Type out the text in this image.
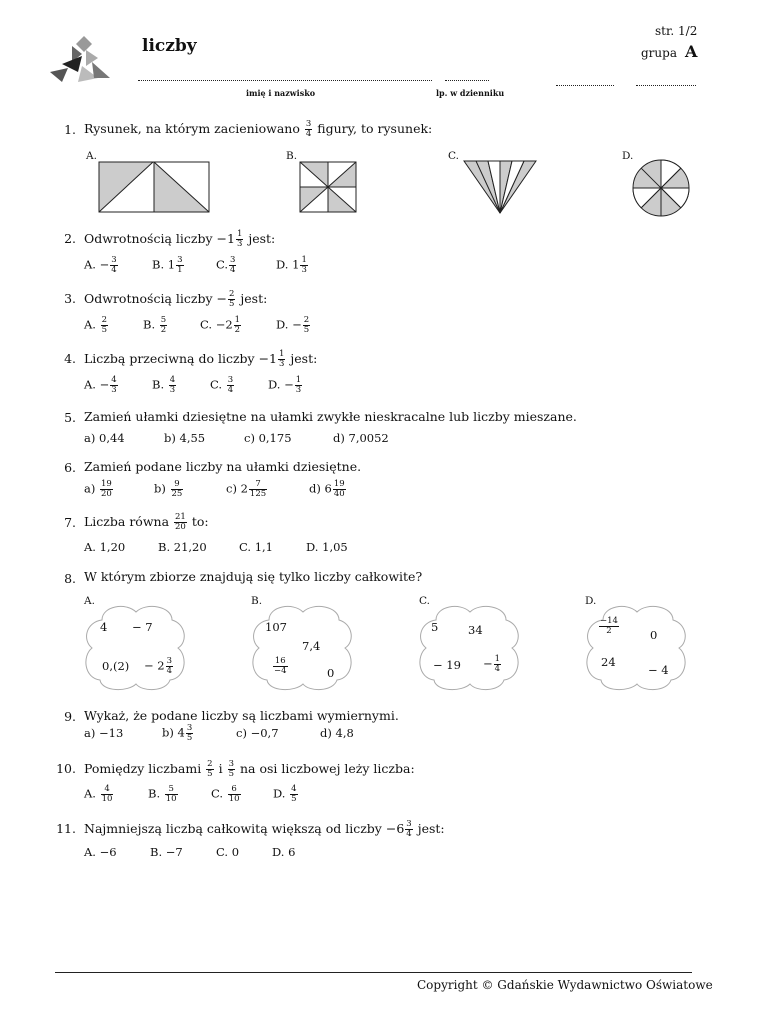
liczby
str. 1/2
grupa A
imię i nazwisko	lp. w dzienniku
1. Rysunek, na którym zacieniowano $\frac{3}{4}$ figury, to rysunek:
A.	B.	C.	D.
2. Odwrotnością liczby $-1 \frac{1}{3}$ jest:
A. − $\frac{3}{4}$	B. $1 \frac{3}{1}$	C. $\frac{3}{4}$	D. $1 \frac{1}{3}$
3. Odwrotnością liczby − $\frac{2}{5}$ jest:
A. $\frac{2}{5}$	B. $\frac{5}{2}$	C. $-2 \frac{1}{2}$	D. − $\frac{2}{5}$
4. Liczbą przeciwną do liczby $-1 \frac{1}{3}$ jest:
A. − $\frac{4}{3}$	B. $\frac{4}{3}$	C. $\frac{3}{4}$	D. − $\frac{1}{3}$
5. Zamień ułamki dziesiętne na ułamki zwykłe nieskracalne lub liczby mieszane.
a) 0,44	b) 4,55	c) 0,175	d) 7,0052
6. Zamień podane liczby na ułamki dziesiętne.
$a) \frac{19}{20}$	$b) \frac{9}{25}$	c) $2 \frac{7}{125}$	d) $6 \frac{19}{40}$
7. Liczba równa $\frac{21}{20}$ to:
A. 1,20	B. 21,20	C. 1,1	D. 1,05
8. W którym zbiorze znajdują się tylko liczby całkowite?
A.	B.	C.	D.
4 − 7
$0,(2) - 2 \frac{3}{4}$
107
7,4
$\frac{16}{-4}$	0
5	34
− $19 - \frac{1}{4}$
$\frac{-14}{2}$	0
24
− 4
9. Wykaż, że podane liczby są liczbami wymiernymi.
a) −13	b) $4 \frac{3}{5}$	c) −0,7	d) 4,8
10. Pomiędzy liczbami $\frac{2}{5}$ i $\frac{3}{5}$ na osi liczbowej leży liczba:
A. $\frac{4}{10}$	B. $\frac{5}{10}$	C. $\frac{6}{10}$	D. $\frac{4}{5}$
11. Najmniejszą liczbą całkowitą większą od liczby $-6 \frac{3}{4}$ jest:
A. −6	B. −7	C. 0	D. 6
Copyright © Gdańskie Wydawnictwo Oświatowe
